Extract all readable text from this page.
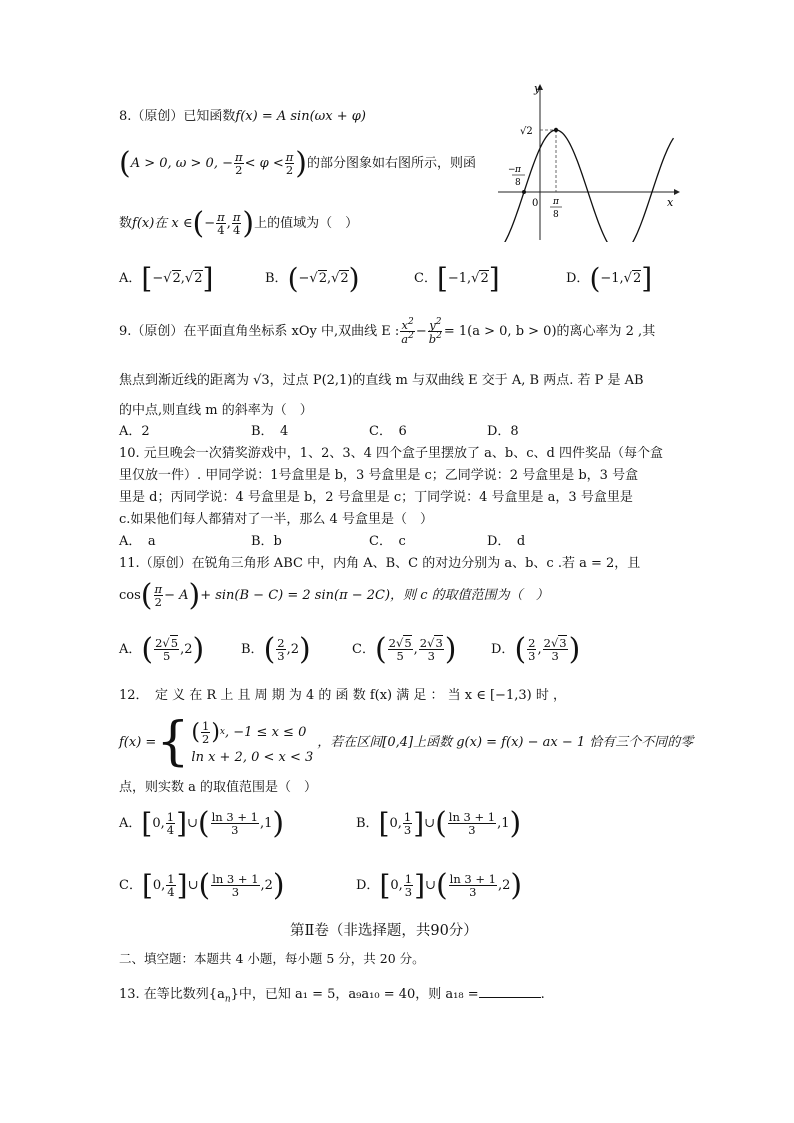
8.（原创）已知函数f(x) = A sin(ωx + φ)
( A > 0, ω > 0, − $\frac{\pi}{2} < \varphi < \frac{\pi}{2}$ ) 的部分图象如右图所示，则函
数 f(x)在 x ∈ ( − $\frac{\pi}{4}$ , $\frac{\pi}{4}$ ) 上的值域为（　）
A． [ −√2,√2 ]	B． ( −√2,√2 )	C． [ −1,√2 ]	D． ( −1,√2 ]
y
x
0
√2
− π
8
π
8
9.（原创）在平面直角坐标系 xOy 中,双曲线 E : $\frac{x^2}{a^2} - \frac{y^2}{b^2} = 1(a > 0$, b > 0)的离心率为 2 ,其
焦点到渐近线的距离为 √3，过点 P(2,1)的直线 m 与双曲线 E 交于 A, B 两点. 若 P 是 AB
的中点,则直线 m 的斜率为（　）
A．2	B．　4	C．　6	D．8
10. 元旦晚会一次猜奖游戏中，1、2、3、4 四个盒子里摆放了 a、b、c、d 四件奖品（每个盒
里仅放一件）. 甲同学说：1号盒里是 b，3 号盒里是 c；乙同学说：2 号盒里是 b，3 号盒
里是 d；丙同学说：4 号盒里是 b，2 号盒里是 c；丁同学说：4 号盒里是 a，3 号盒里是
c.如果他们每人都猜对了一半，那么 4 号盒里是（　）
A．　a	B．b	C．　c	D．　d
11.（原创）在锐角三角形 ABC 中，内角 A、B、C 的对边分别为 a、b、c .若 a = 2，且
cos ( $\frac{\pi}{2} - A$ ) + sin(B − C) = 2 sin(π − 2C)，则 c 的取值范围为（　）
A． ( $\frac{2√5}{5} ,2$ )	B． ( $\frac{2}{3} ,2$ )	C． ( $\frac{2√5}{5}$ , $\frac{2√3}{3}$ )	D． ( $\frac{2}{3}$ , $\frac{2√3}{3}$ )
12．　定 义 在 R 上 且 周 期 为 4 的 函 数 f(x) 满 足 ： 当 x ∈ [−1,3) 时 ，
f(x) = { ( $\frac{1}{2}$ ) x , −1 ≤ x ≤ 0
ln x + 2, 0 < x < 3
，若在区间[0,4]上函数 g(x) = f(x) − ax − 1 恰有三个不同的零
点，则实数 a 的取值范围是（　）
A． [ 0, $\frac{1}{4}$ ] ∪ ( $\frac{\ln 3 + 1}{3} ,1$ )	B． [ 0, $\frac{1}{3}$ ] ∪ ( $\frac{\ln 3 + 1}{3} ,1$ )
C． [ 0, $\frac{1}{4}$ ] ∪ ( $\frac{\ln 3 + 1}{3} ,2$ )	D． [ 0, $\frac{1}{3}$ ] ∪ ( $\frac{\ln 3 + 1}{3} ,2$ )
第Ⅱ卷（非选择题，共90分）
二、填空题：本题共 4 小题，每小题 5 分，共 20 分。
13. 在等比数列$\{a_n\}$中，已知 a₁ = 5，a₉a₁₀ = 40，则 a₁₈ =	.
